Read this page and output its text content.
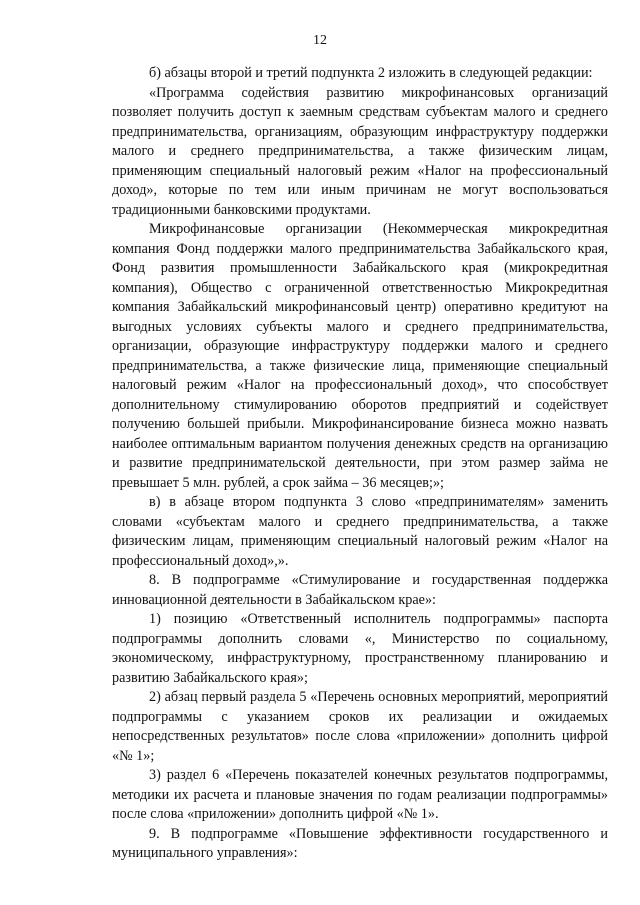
12

б) абзацы второй и третий подпункта 2 изложить в следующей редакции:

«Программа содействия развитию микрофинансовых организаций позволяет получить доступ к заемным средствам субъектам малого и среднего предпринимательства, организациям, образующим инфраструктуру поддержки малого и среднего предпринимательства, а также физическим лицам, применяющим специальный налоговый режим «Налог на профессиональный доход», которые по тем или иным причинам не могут воспользоваться традиционными банковскими продуктами.

Микрофинансовые организации (Некоммерческая микрокредитная компания Фонд поддержки малого предпринимательства Забайкальского края, Фонд развития промышленности Забайкальского края (микрокредитная компания), Общество с ограниченной ответственностью Микрокредитная компания Забайкальский микрофинансовый центр) оперативно кредитуют на выгодных условиях субъекты малого и среднего предпринимательства, организации, образующие инфраструктуру поддержки малого и среднего предпринимательства, а также физические лица, применяющие специальный налоговый режим «Налог на профессиональный доход», что способствует дополнительному стимулированию оборотов предприятий и содействует получению большей прибыли. Микрофинансирование бизнеса можно назвать наиболее оптимальным вариантом получения денежных средств на организацию и развитие предпринимательской деятельности, при этом размер займа не превышает 5 млн. рублей, а срок займа – 36 месяцев;»;

в) в абзаце втором подпункта 3 слово «предпринимателям» заменить словами «субъектам малого и среднего предпринимательства, а также физическим лицам, применяющим специальный налоговый режим «Налог на профессиональный доход»,».

8. В подпрограмме «Стимулирование и государственная поддержка инновационной деятельности в Забайкальском крае»:

1) позицию «Ответственный исполнитель подпрограммы» паспорта подпрограммы дополнить словами «, Министерство по социальному, экономическому, инфраструктурному, пространственному планированию и развитию Забайкальского края»;

2) абзац первый раздела 5 «Перечень основных мероприятий, мероприятий подпрограммы с указанием сроков их реализации и ожидаемых непосредственных результатов» после слова «приложении» дополнить цифрой «№ 1»;

3) раздел 6 «Перечень показателей конечных результатов подпрограммы, методики их расчета и плановые значения по годам реализации подпрограммы» после слова «приложении» дополнить цифрой «№ 1».

9. В подпрограмме «Повышение эффективности государственного и муниципального управления»:
